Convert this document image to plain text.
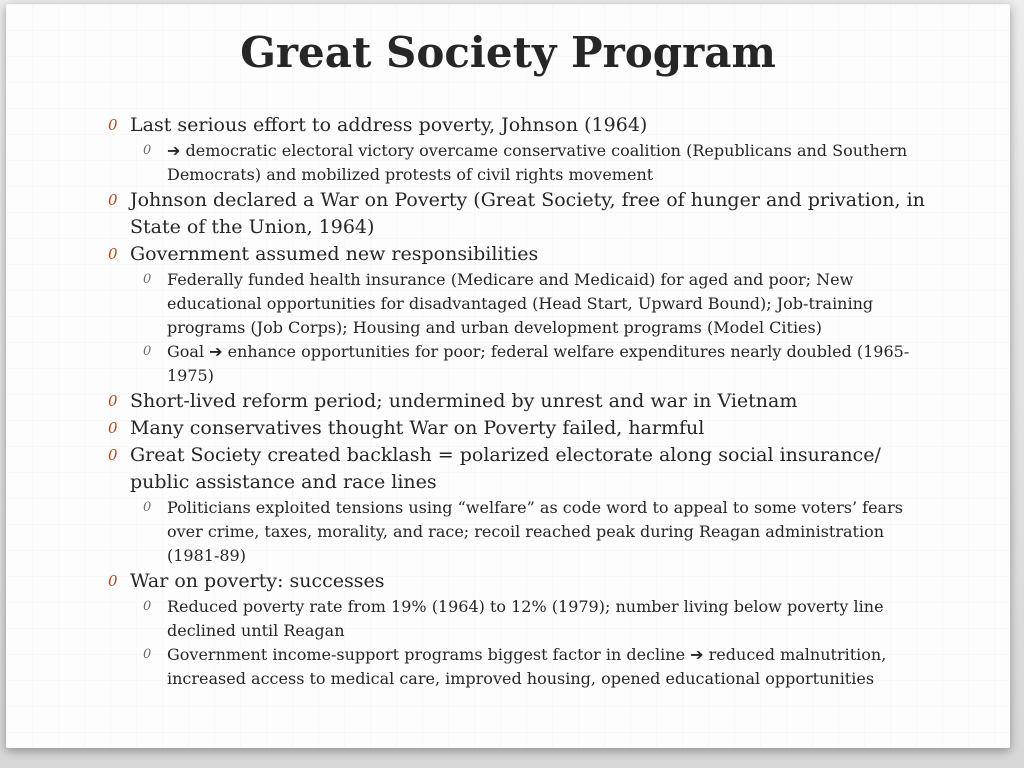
Great Society Program
0 Last serious effort to address poverty, Johnson (1964)
0 ➔ democratic electoral victory overcame conservative coalition (Republicans and Southern Democrats) and mobilized protests of civil rights movement
0 Johnson declared a War on Poverty (Great Society, free of hunger and privation, in State of the Union, 1964)
0 Government assumed new responsibilities
0 Federally funded health insurance (Medicare and Medicaid) for aged and poor; New educational opportunities for disadvantaged (Head Start, Upward Bound); Job-training programs (Job Corps); Housing and urban development programs (Model Cities)
0 Goal ➔ enhance opportunities for poor; federal welfare expenditures nearly doubled (1965-1975)
0 Short-lived reform period; undermined by unrest and war in Vietnam
0 Many conservatives thought War on Poverty failed, harmful
0 Great Society created backlash = polarized electorate along social insurance/ public assistance and race lines
0 Politicians exploited tensions using “welfare” as code word to appeal to some voters’ fears over crime, taxes, morality, and race; recoil reached peak during Reagan administration (1981-89)
0 War on poverty: successes
0 Reduced poverty rate from 19% (1964) to 12% (1979); number living below poverty line declined until Reagan
0 Government income-support programs biggest factor in decline ➔ reduced malnutrition, increased access to medical care, improved housing, opened educational opportunities
